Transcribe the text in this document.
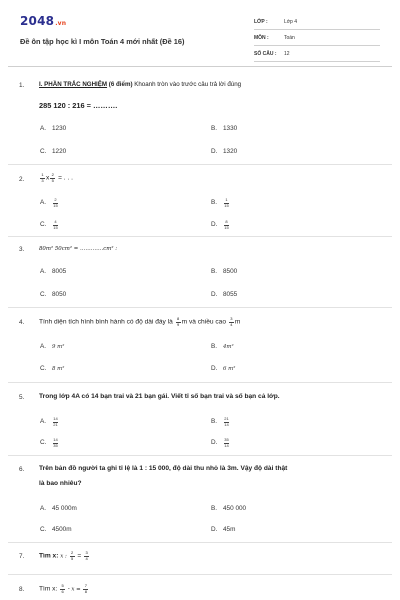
2048.vn
Đề ôn tập học kì I môn Toán 4 mới nhất (Đề 16)
LỚP :	Lớp 4
MÔN :	Toán
SỐ CÂU :	12
1. I. PHẦN TRẮC NGHIỆM (6 điểm) Khoanh tròn vào trước câu trả lời đúng
285 120 : 216 = ……….
A. 1230	B. 1330
C. 1220	D. 1320
2.	$\frac{1}{3}$ x $\frac{2}{5}$ = . . .
A.	$\frac{2}{15}$	B.	$\frac{1}{15}$
C.	$\frac{4}{15}$	D.	$\frac{8}{15}$
3.	80m² 50cm² = ………….cm² :
A. 8005	B. 8500
C. 8050	D. 8055
4. Tính diện tích hình bình hành có độ dài đáy là $\frac{8}{9}$ m và chiều cao $\frac{3}{4}$ m
A.	9 m²	B.	4m²
C.	8 m²	D.	6 m²
5. Trong lớp 4A có 14 bạn trai và 21 bạn gái. Viết tỉ số bạn trai và số bạn cả lớp.
A.	$\frac{14}{21}$	B.	$\frac{21}{14}$
C.	$\frac{14}{35}$	D.	$\frac{35}{14}$
6. Trên bản đồ người ta ghi tỉ lệ là 1 : 15 000, độ dài thu nhỏ là 3m. Vậy độ dài thật
là bao nhiêu?
A. 45 000m	B. 450 000
C. 4500m	D. 45m
7. Tìm x: x : $\frac{2}{5} = \frac{3}{4}$
8. Tìm x: $\frac{5}{6} - x = \frac{7}{8}$
